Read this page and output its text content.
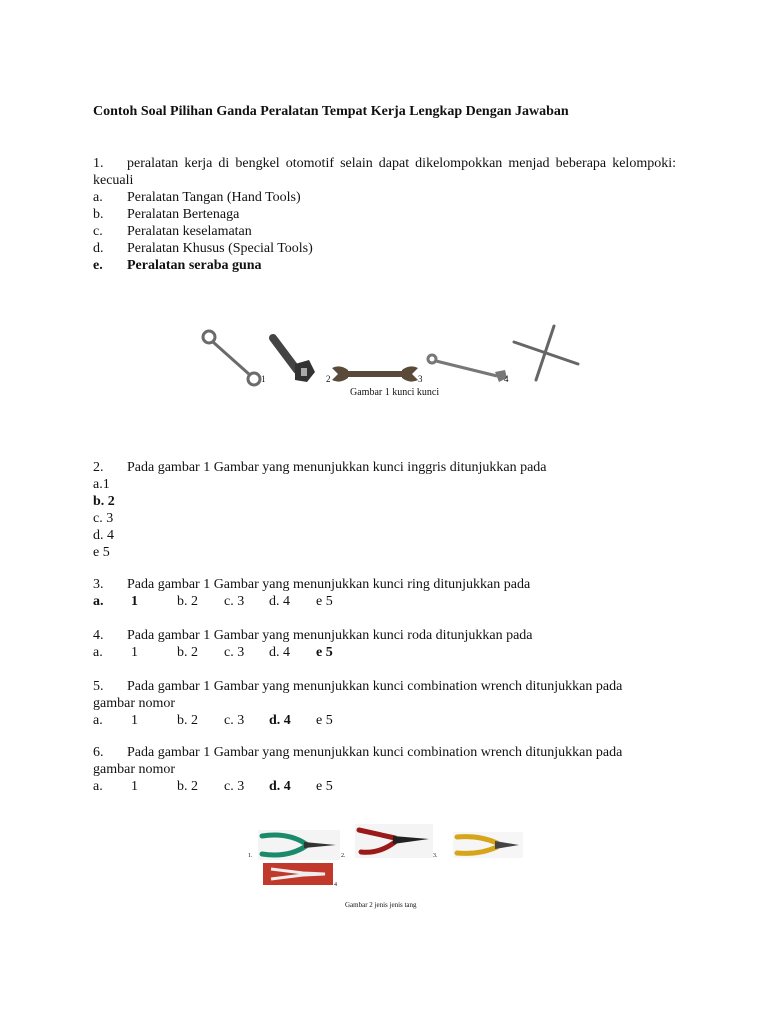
Contoh Soal Pilihan Ganda Peralatan Tempat Kerja Lengkap Dengan Jawaban
1. peralatan kerja di bengkel otomotif selain dapat dikelompokkan menjad beberapa kelompoki: kecuali
a. Peralatan Tangan (Hand Tools)
b. Peralatan Bertenaga
c. Peralatan keselamatan
d. Peralatan Khusus (Special Tools)
e. Peralatan seraba guna
1	2	3	4
Gambar 1 kunci kunci
2. Pada gambar 1 Gambar yang menunjukkan kunci inggris ditunjukkan pada
a.1
b. 2
c. 3
d. 4
e 5
3. Pada gambar 1 Gambar yang menunjukkan kunci ring ditunjukkan pada
a. 1	b. 2 c. 3 d. 4 e 5
4. Pada gambar 1 Gambar yang menunjukkan kunci roda ditunjukkan pada
a. 1	b. 2 c. 3 d. 4 e 5
5. Pada gambar 1 Gambar yang menunjukkan kunci combination wrench ditunjukkan pada
gambar nomor
a. 1	b. 2 c. 3 d. 4 e 5
6. Pada gambar 1 Gambar yang menunjukkan kunci combination wrench ditunjukkan pada
gambar nomor
a. 1	b. 2 c. 3 d. 4 e 5
1.	2.	3.
4
Gambar 2 jenis jenis tang
